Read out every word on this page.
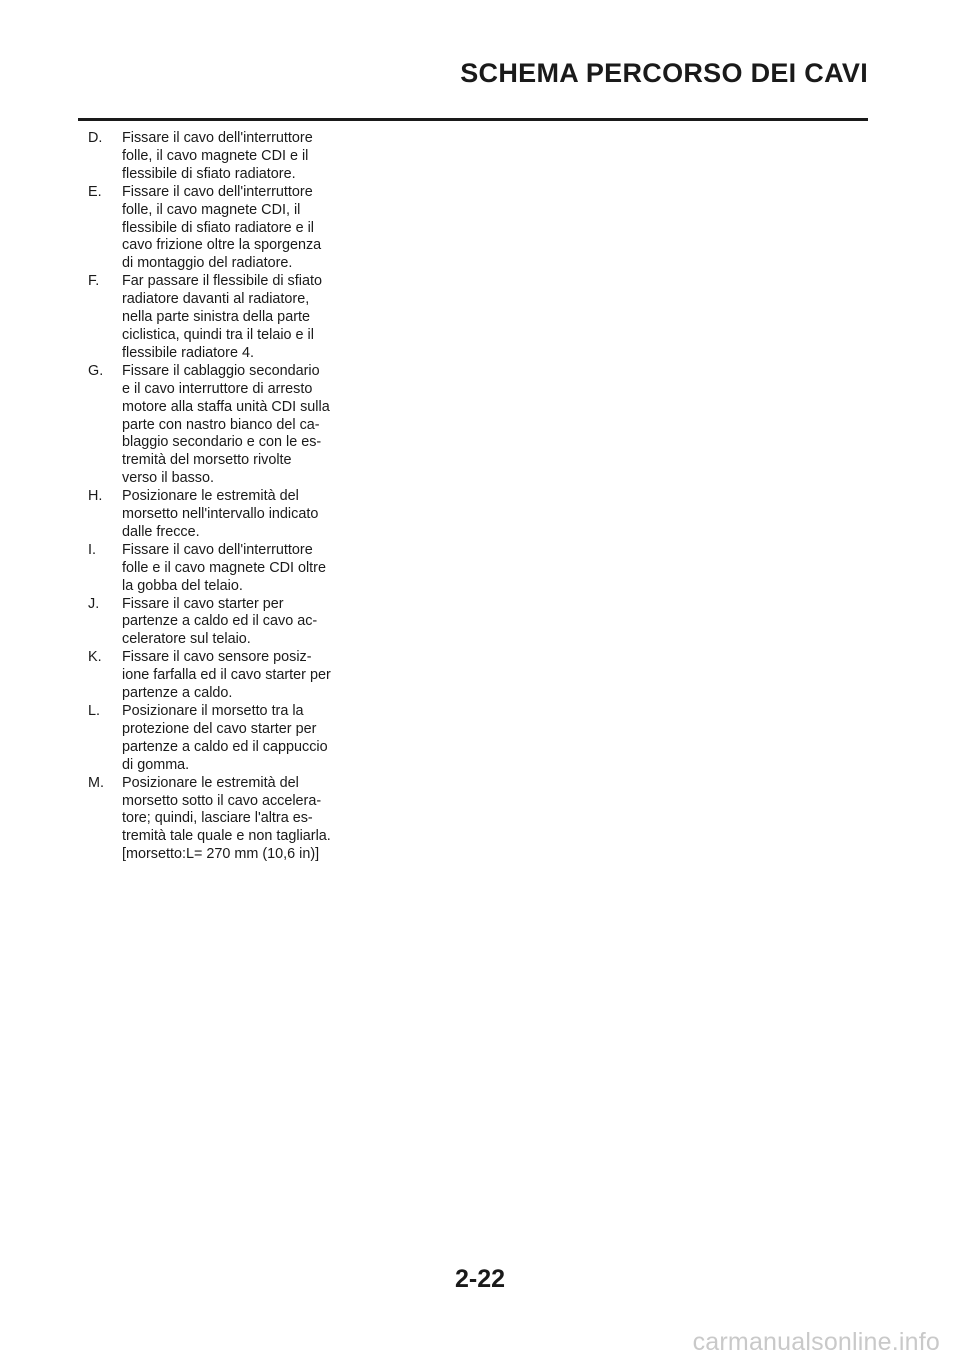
SCHEMA PERCORSO DEI CAVI
D. Fissare il cavo dell'interruttore
folle, il cavo magnete CDI e il
flessibile di sfiato radiatore.
E. Fissare il cavo dell'interruttore
folle, il cavo magnete CDI, il
flessibile di sfiato radiatore e il
cavo frizione oltre la sporgenza
di montaggio del radiatore.
F. Far passare il flessibile di sfiato
radiatore davanti al radiatore,
nella parte sinistra della parte
ciclistica, quindi tra il telaio e il
flessibile radiatore 4.
G. Fissare il cablaggio secondario
e il cavo interruttore di arresto
motore alla staffa unità CDI sulla
parte con nastro bianco del ca-
blaggio secondario e con le es-
tremità del morsetto rivolte
verso il basso.
H. Posizionare le estremità del
morsetto nell'intervallo indicato
dalle frecce.
I. Fissare il cavo dell'interruttore
folle e il cavo magnete CDI oltre
la gobba del telaio.
J. Fissare il cavo starter per
partenze a caldo ed il cavo ac-
celeratore sul telaio.
K. Fissare il cavo sensore posiz-
ione farfalla ed il cavo starter per
partenze a caldo.
L. Posizionare il morsetto tra la
protezione del cavo starter per
partenze a caldo ed il cappuccio
di gomma.
M. Posizionare le estremità del
morsetto sotto il cavo accelera-
tore; quindi, lasciare l'altra es-
tremità tale quale e non tagliarla.
[morsetto:L= 270 mm (10,6 in)]
2-22
carmanualsonline.info
